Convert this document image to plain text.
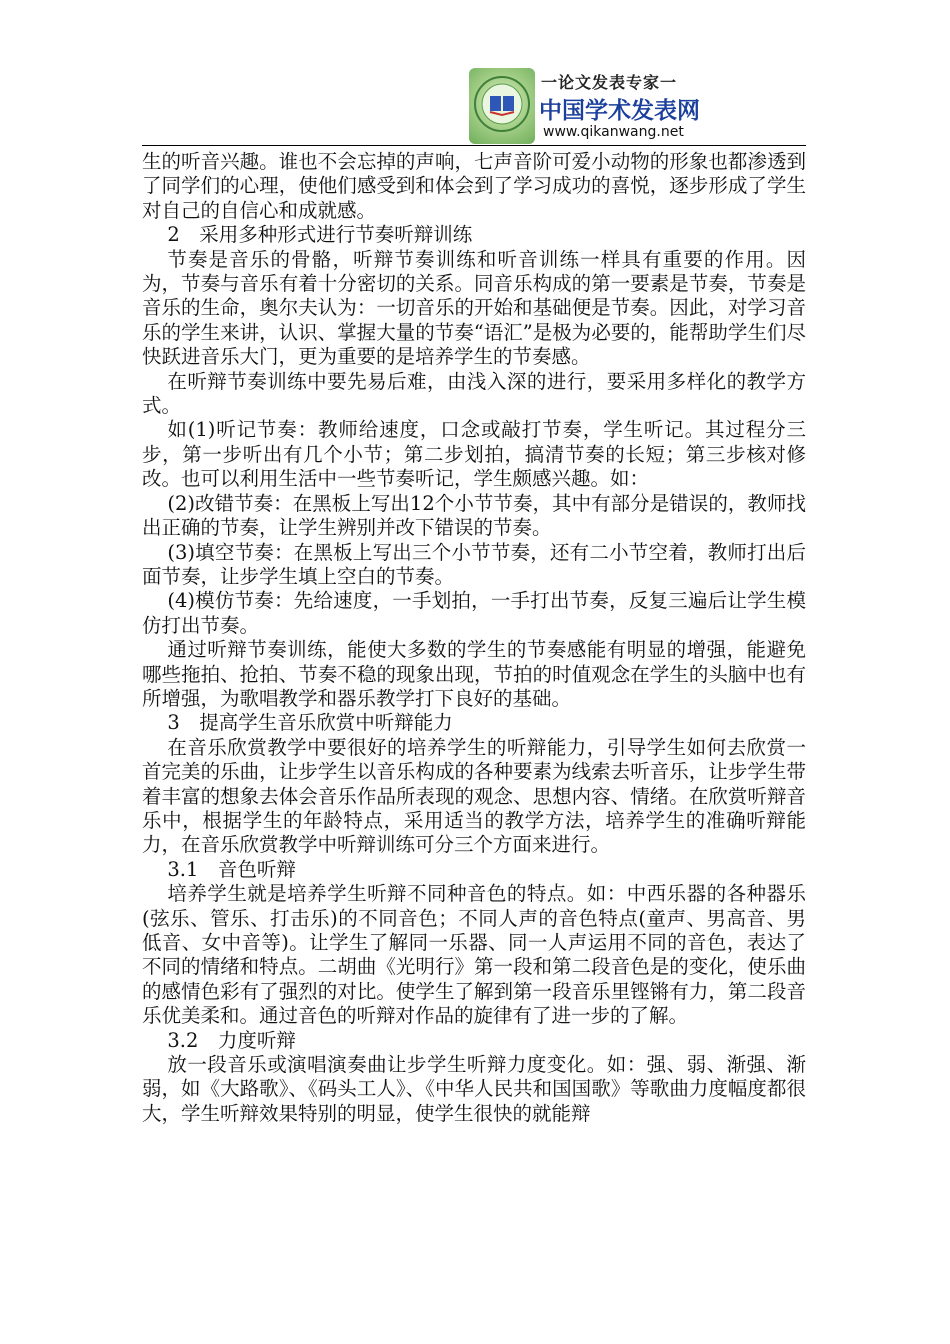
一论文发表专家一
中国学术发表网
www.qikanwang.net

生的听音兴趣。谁也不会忘掉的声响，七声音阶可爱小动物的形象也都渗透到了同学们的心理，使他们感受到和体会到了学习成功的喜悦，逐步形成了学生对自己的自信心和成就感。

2　采用多种形式进行节奏听辩训练

节奏是音乐的骨骼，听辩节奏训练和听音训练一样具有重要的作用。因为，节奏与音乐有着十分密切的关系。同音乐构成的第一要素是节奏，节奏是音乐的生命，奥尔夫认为：一切音乐的开始和基础便是节奏。因此，对学习音乐的学生来讲，认识、掌握大量的节奏“语汇”是极为必要的，能帮助学生们尽快跃进音乐大门，更为重要的是培养学生的节奏感。

在听辩节奏训练中要先易后难，由浅入深的进行，要采用多样化的教学方式。

如(1)听记节奏：教师给速度，口念或敲打节奏，学生听记。其过程分三步，第一步听出有几个小节；第二步划拍，搞清节奏的长短；第三步核对修改。也可以利用生活中一些节奏听记，学生颇感兴趣。如：

(2)改错节奏：在黑板上写出12个小节节奏，其中有部分是错误的，教师找出正确的节奏，让学生辨别并改下错误的节奏。

(3)填空节奏：在黑板上写出三个小节节奏，还有二小节空着，教师打出后面节奏，让步学生填上空白的节奏。

(4)模仿节奏：先给速度，一手划拍，一手打出节奏，反复三遍后让学生模仿打出节奏。

通过听辩节奏训练，能使大多数的学生的节奏感能有明显的增强，能避免哪些拖拍、抢拍、节奏不稳的现象出现，节拍的时值观念在学生的头脑中也有所增强，为歌唱教学和器乐教学打下良好的基础。

3　提高学生音乐欣赏中听辩能力

在音乐欣赏教学中要很好的培养学生的听辩能力，引导学生如何去欣赏一首完美的乐曲，让步学生以音乐构成的各种要素为线索去听音乐，让步学生带着丰富的想象去体会音乐作品所表现的观念、思想内容、情绪。在欣赏听辩音乐中，根据学生的年龄特点，采用适当的教学方法，培养学生的准确听辩能力，在音乐欣赏教学中听辩训练可分三个方面来进行。

3.1　音色听辩

培养学生就是培养学生听辩不同种音色的特点。如：中西乐器的各种器乐(弦乐、管乐、打击乐)的不同音色；不同人声的音色特点(童声、男高音、男低音、女中音等)。让学生了解同一乐器、同一人声运用不同的音色，表达了不同的情绪和特点。二胡曲《光明行》第一段和第二段音色是的变化，使乐曲的感情色彩有了强烈的对比。使学生了解到第一段音乐里铿锵有力，第二段音乐优美柔和。通过音色的听辩对作品的旋律有了进一步的了解。

3.2　力度听辩

放一段音乐或演唱演奏曲让步学生听辩力度变化。如：强、弱、渐强、渐弱，如《大路歌》、《码头工人》、《中华人民共和国国歌》等歌曲力度幅度都很大，学生听辩效果特别的明显，使学生很快的就能辩
